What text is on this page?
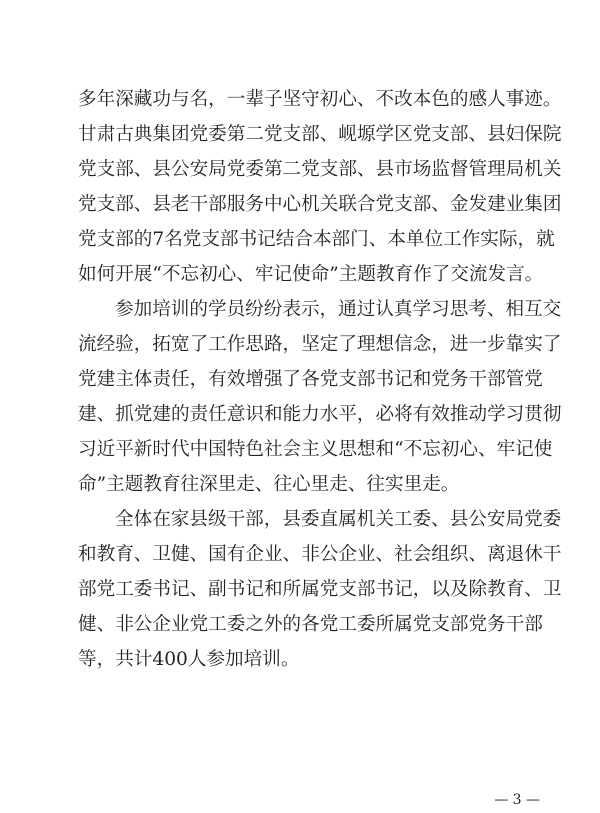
多年深藏功与名，一辈子坚守初心、不改本色的感人事迹。
甘肃古典集团党委第二党支部、岘塬学区党支部、县妇保院
党支部、县公安局党委第二党支部、县市场监督管理局机关
党支部、县老干部服务中心机关联合党支部、金发建业集团
党支部的7名党支部书记结合本部门、本单位工作实际，就
如何开展“不忘初心、牢记使命”主题教育作了交流发言。
参加培训的学员纷纷表示，通过认真学习思考、相互交
流经验，拓宽了工作思路，坚定了理想信念，进一步靠实了
党建主体责任，有效增强了各党支部书记和党务干部管党
建、抓党建的责任意识和能力水平，必将有效推动学习贯彻
习近平新时代中国特色社会主义思想和“不忘初心、牢记使
命”主题教育往深里走、往心里走、往实里走。
全体在家县级干部，县委直属机关工委、县公安局党委
和教育、卫健、国有企业、非公企业、社会组织、离退休干
部党工委书记、副书记和所属党支部书记，以及除教育、卫
健、非公企业党工委之外的各党工委所属党支部党务干部
等，共计400人参加培训。
— 3 —
